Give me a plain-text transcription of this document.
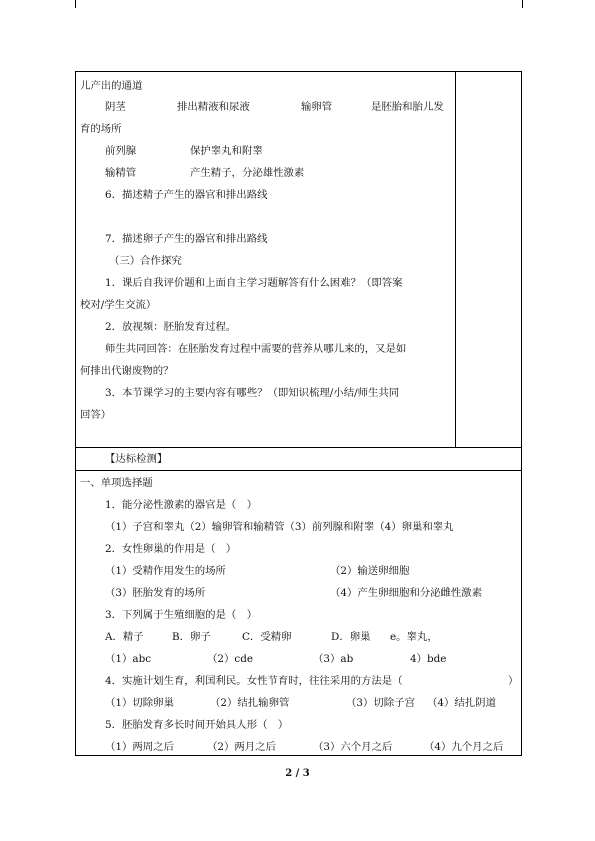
儿产出的通道
阴茎	排出精液和尿液	输卵管	是胚胎和胎儿发
育的场所
前列腺	保护睾丸和附睾
输精管	产生精子，分泌雄性激素
6．描述精子产生的器官和排出路线
7．描述卵子产生的器官和排出路线
（三）合作探究
1．课后自我评价题和上面自主学习题解答有什么困难？（即答案
校对/学生交流）
2．放视频：胚胎发育过程。
师生共同回答：在胚胎发育过程中需要的营养从哪儿来的，又是如
何排出代谢废物的？
3．本节课学习的主要内容有哪些？（即知识梳理/小结/师生共同
回答）
【达标检测】
一、单项选择题
1．能分泌性激素的器官是（　）
（1）子宫和睾丸（2）输卵管和输精管（3）前列腺和附睾（4）卵巢和睾丸
2．女性卵巢的作用是（　）
（1）受精作用发生的场所	（2）输送卵细胞
（3）胚胎发育的场所	（4）产生卵细胞和分泌雌性激素
3．下列属于生殖细胞的是（　）
A．精子	B．卵子	C．受精卵	D．卵巢 e。睾丸，
（1）abc	（2）cde	（3）ab	4）bde
4．实施计划生育，利国利民。女性节育时，往往采用的方法是（	）
（1）切除卵巢	（2）结扎输卵管	（3）切除子宫 （4）结扎阴道
5．胚胎发育多长时间开始具人形（　）
（1）两周之后	（2）两月之后	（3）六个月之后	（4）九个月之后
2 / 3
